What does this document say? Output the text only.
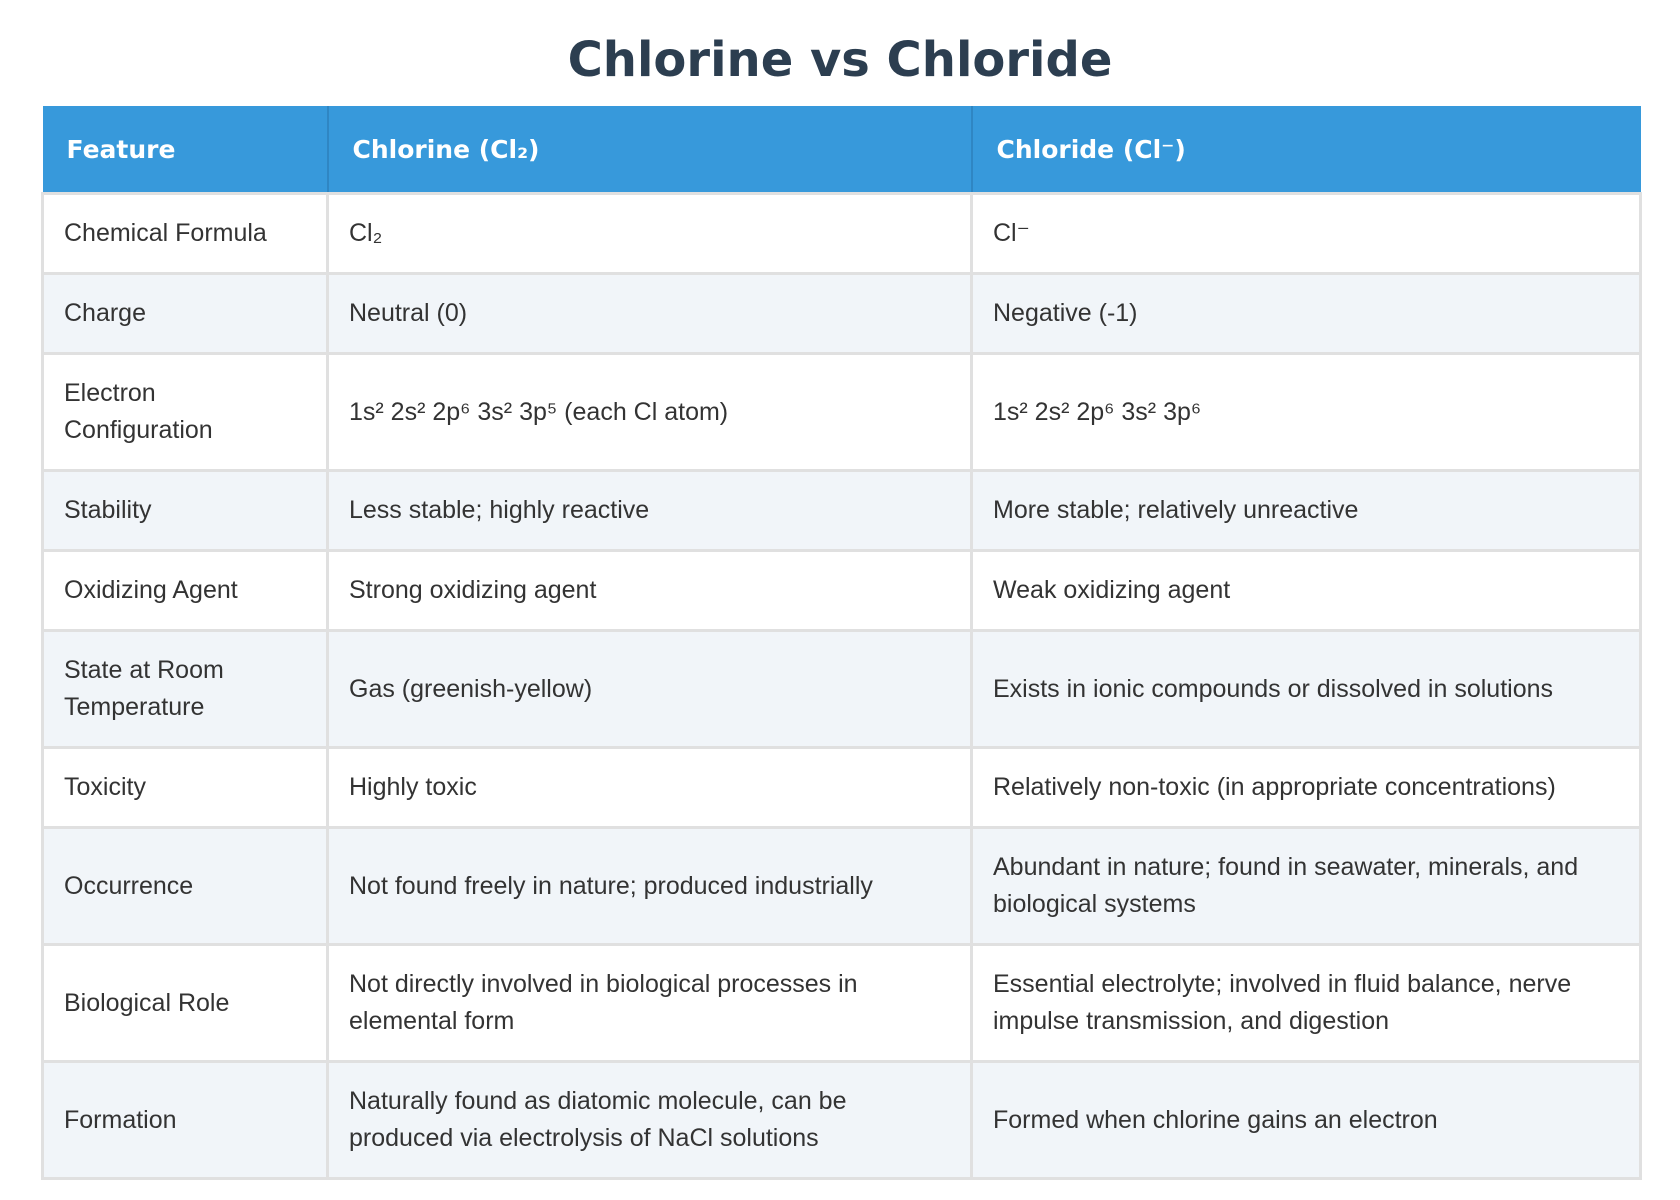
Chlorine vs Chloride
Feature	Chlorine (Cl₂)	Chloride (Cl⁻)
Chemical Formula	Cl₂	Cl⁻
Charge	Neutral (0)	Negative (-1)
Electron Configuration	1s² 2s² 2p⁶ 3s² 3p⁵ (each Cl atom)	1s² 2s² 2p⁶ 3s² 3p⁶
Stability	Less stable; highly reactive	More stable; relatively unreactive
Oxidizing Agent	Strong oxidizing agent	Weak oxidizing agent
State at Room Temperature	Gas (greenish-yellow)	Exists in ionic compounds or dissolved in solutions
Toxicity	Highly toxic	Relatively non-toxic (in appropriate concentrations)
Occurrence	Not found freely in nature; produced industrially	Abundant in nature; found in seawater, minerals, and biological systems
Biological Role	Not directly involved in biological processes in elemental form	Essential electrolyte; involved in fluid balance, nerve impulse transmission, and digestion
Formation	Naturally found as diatomic molecule, can be produced via electrolysis of NaCl solutions	Formed when chlorine gains an electron
